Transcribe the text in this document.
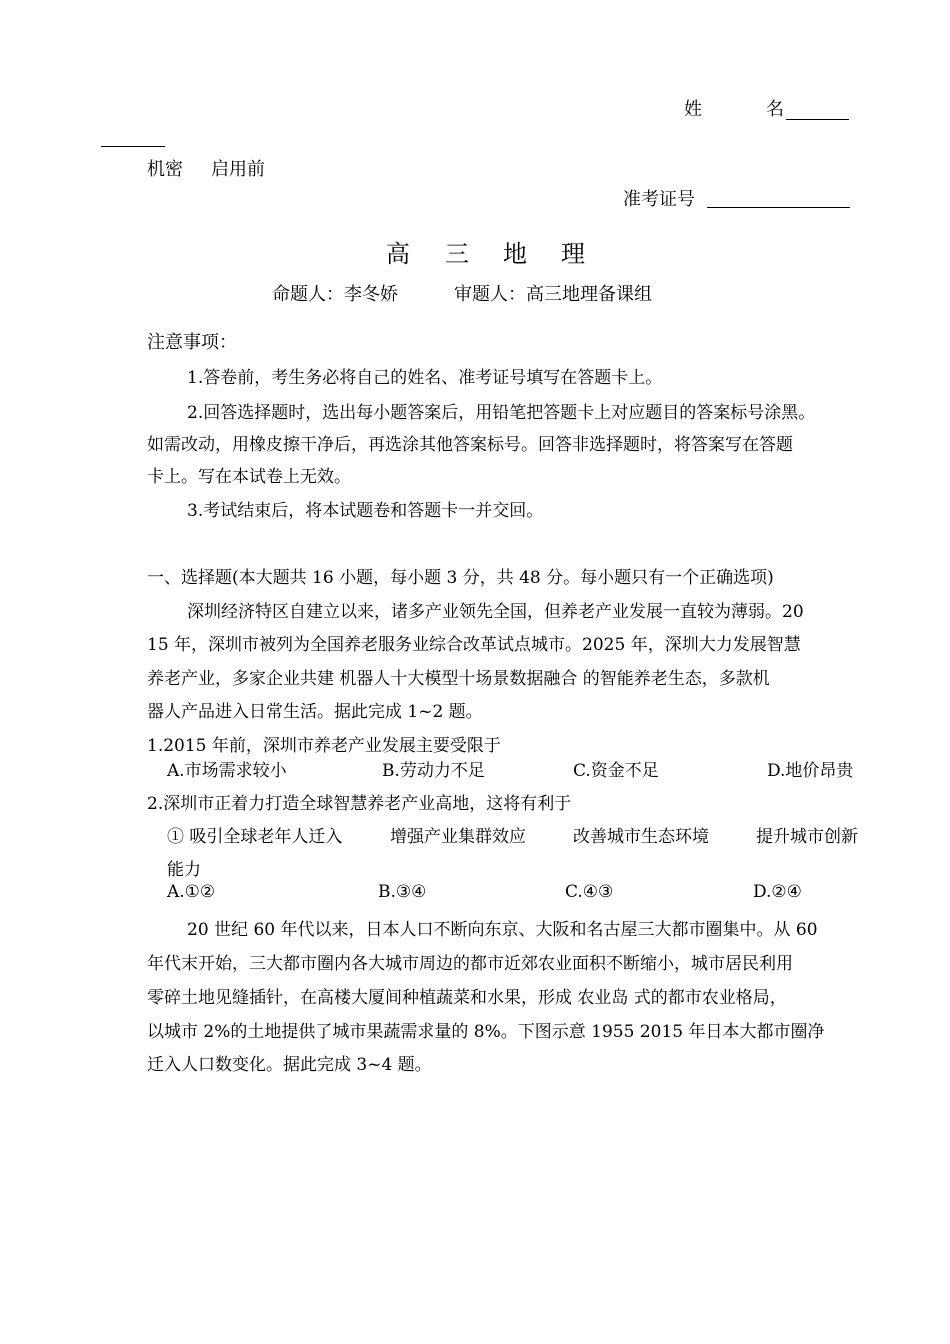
姓	名
机密 启用前
准考证号
高 三 地 理
命题人：李冬娇	审题人：高三地理备课组
注意事项：
1.答卷前，考生务必将自己的姓名、准考证号填写在答题卡上。
2.回答选择题时，选出每小题答案后，用铅笔把答题卡上对应题目的答案标号涂黑。
如需改动，用橡皮擦干净后，再选涂其他答案标号。回答非选择题时，将答案写在答题
卡上。写在本试卷上无效。
3.考试结束后，将本试题卷和答题卡一并交回。
一、选择题(本大题共 16 小题，每小题 3 分，共 48 分。每小题只有一个正确选项)
深圳经济特区自建立以来，诸多产业领先全国，但养老产业发展一直较为薄弱。20
15 年，深圳市被列为全国养老服务业综合改革试点城市。2025 年，深圳大力发展智慧
养老产业，多家企业共建 机器人十大模型十场景数据融合 的智能养老生态，多款机
器人产品进入日常生活。据此完成 1~2 题。
1.2015 年前，深圳市养老产业发展主要受限于
A.市场需求较小	B.劳动力不足	C.资金不足	D.地价昂贵
2.深圳市正着力打造全球智慧养老产业高地，这将有利于
① 吸引全球老年人迁入	增强产业集群效应	改善城市生态环境	提升城市创新
能力
A.①②	B.③④	C.④③	D.②④
20 世纪 60 年代以来，日本人口不断向东京、大阪和名古屋三大都市圈集中。从 60
年代末开始，三大都市圈内各大城市周边的都市近郊农业面积不断缩小，城市居民利用
零碎土地见缝插针，在高楼大厦间种植蔬菜和水果，形成 农业岛 式的都市农业格局，
以城市 2%的土地提供了城市果蔬需求量的 8%。下图示意 1955 2015 年日本大都市圈净
迁入人口数变化。据此完成 3~4 题。
